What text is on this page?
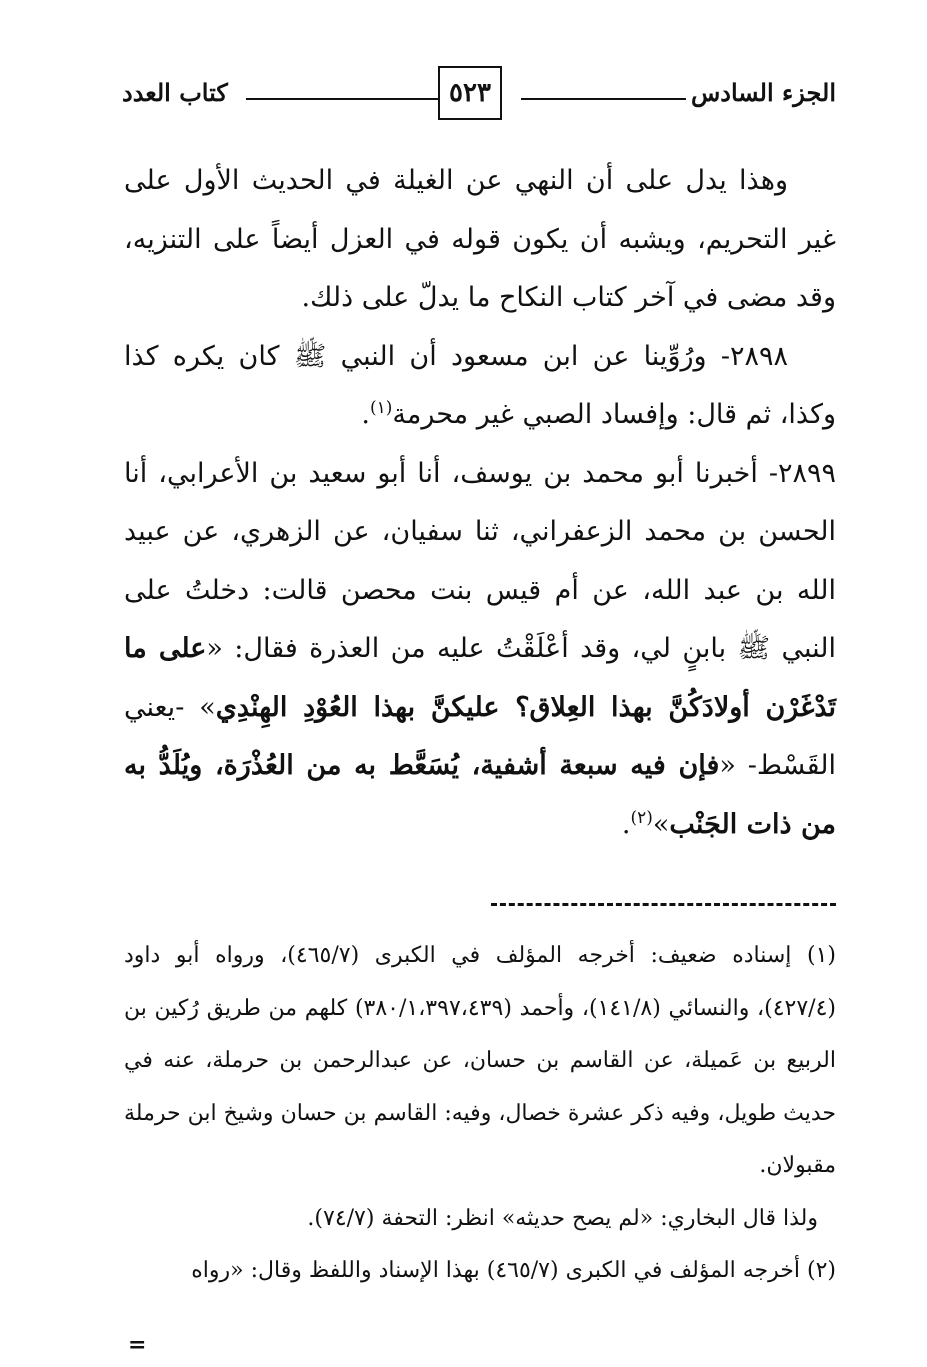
الجزء السادس
٥٢٣
كتاب العدد

وهذا يدل على أن النهي عن الغيلة في الحديث الأول على غير التحريم، ويشبه أن يكون قوله في العزل أيضاً على التنزيه، وقد مضى في آخر كتاب النكاح ما يدلّ على ذلك.

٢٨٩٨- ورُوِّينا عن ابن مسعود أن النبي ﷺ كان يكره كذا وكذا، ثم قال: وإفساد الصبي غير محرمة$^{(١)}$.

٢٨٩٩- أخبرنا أبو محمد بن يوسف، أنا أبو سعيد بن الأعرابي، أنا الحسن بن محمد الزعفراني، ثنا سفيان، عن الزهري، عن عبيد الله بن عبد الله، عن أم قيس بنت محصن قالت: دخلتُ على النبي ﷺ بابنٍ لي، وقد أعْلَقْتُ عليه من العذرة فقال: «على ما تَدْغَرْن أولادَكُنَّ بهذا العِلاق؟ عليكنَّ بهذا العُوْدِ الهِنْدِي» -يعني القَسْط- «فإن فيه سبعة أشفية، يُسَعَّط به من العُذْرَة، ويُلَدُّ به من ذات الجَنْب»$^{(٢)}$.

(١) إسناده ضعيف: أخرجه المؤلف في الكبرى (٤٦٥/٧)، ورواه أبو داود (٤٢٧/٤)، والنسائي (١٤١/٨)، وأحمد (٣٨٠/١،٣٩٧،٤٣٩) كلهم من طريق رُكين بن الربيع بن عَميلة، عن القاسم بن حسان، عن عبدالرحمن بن حرملة، عنه في حديث طويل، وفيه ذكر عشرة خصال، وفيه: القاسم بن حسان وشيخ ابن حرملة مقبولان.

ولذا قال البخاري: «لم يصح حديثه» انظر: التحفة (٧٤/٧).

(٢) أخرجه المؤلف في الكبرى (٤٦٥/٧) بهذا الإسناد واللفظ وقال: «رواه

=
